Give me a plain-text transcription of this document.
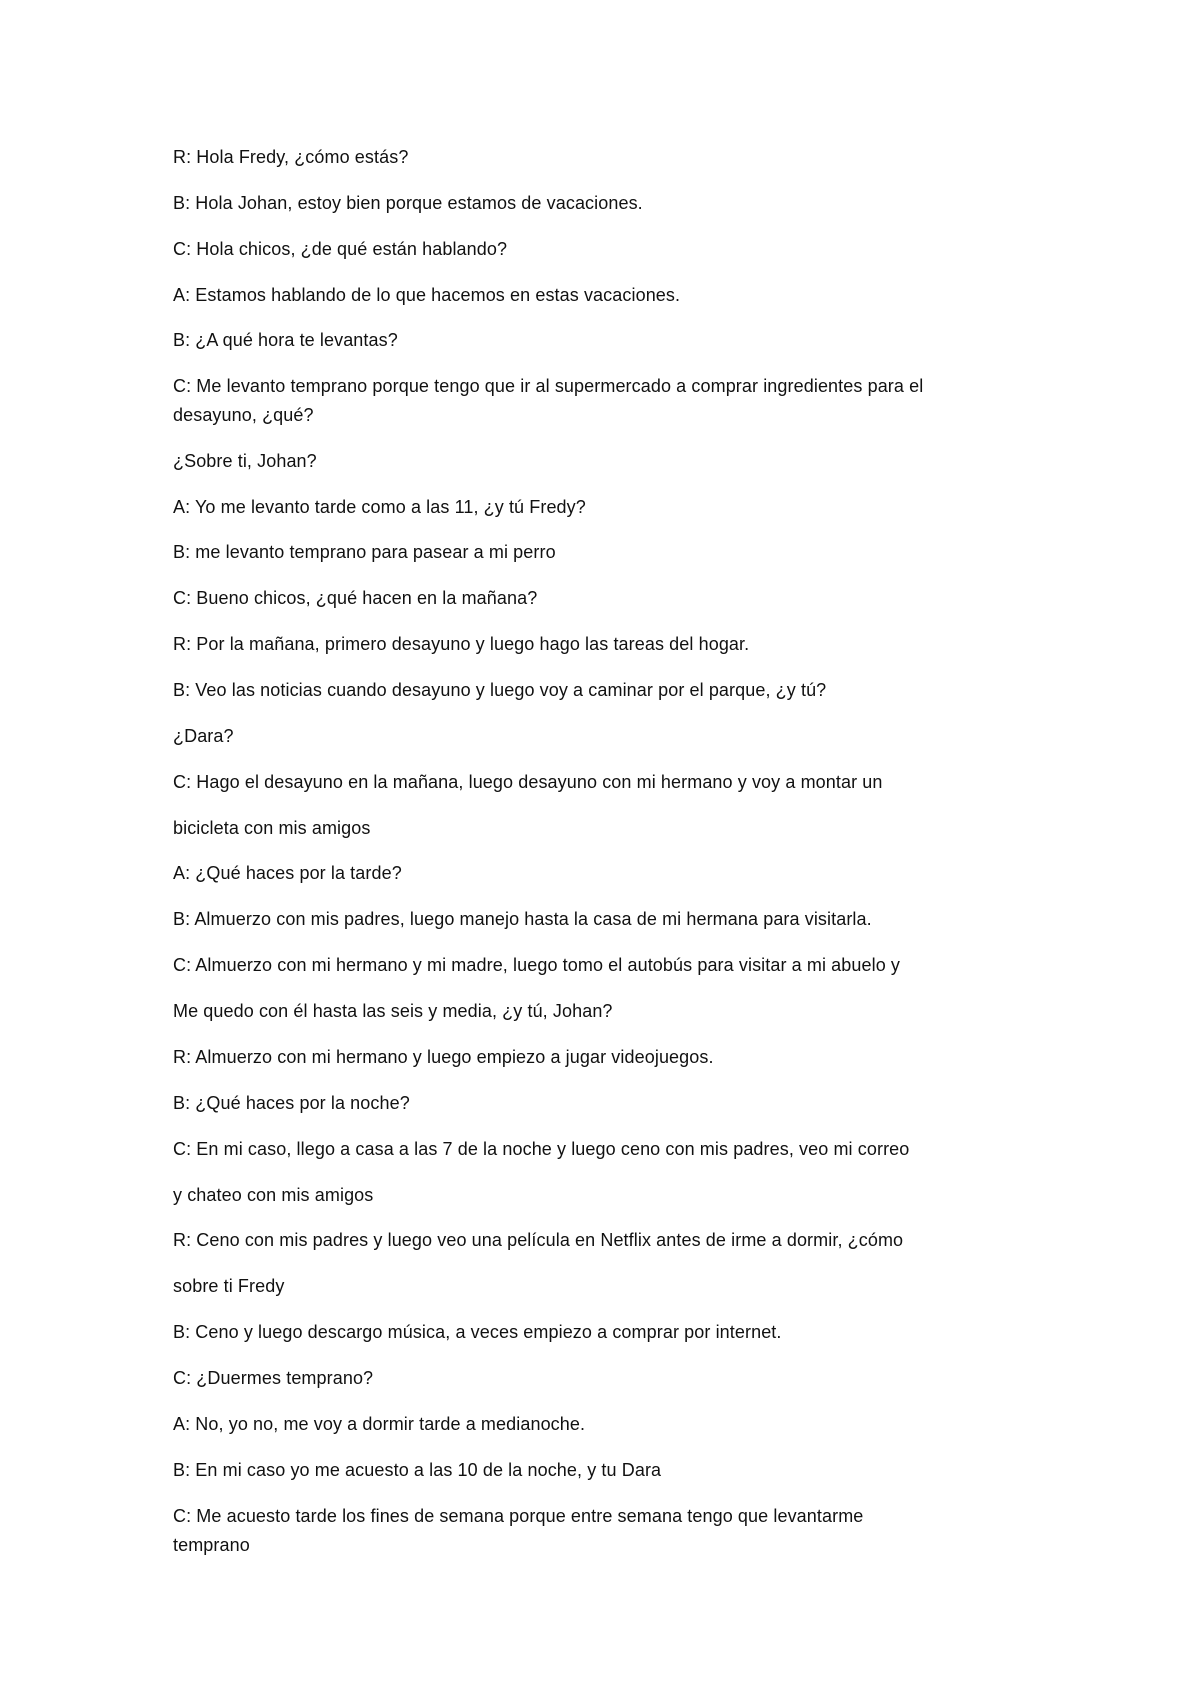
R: Hola Fredy, ¿cómo estás?
B: Hola Johan, estoy bien porque estamos de vacaciones.
C: Hola chicos, ¿de qué están hablando?
A: Estamos hablando de lo que hacemos en estas vacaciones.
B: ¿A qué hora te levantas?
C: Me levanto temprano porque tengo que ir al supermercado a comprar ingredientes para el
desayuno, ¿qué?
¿Sobre ti, Johan?
A: Yo me levanto tarde como a las 11, ¿y tú Fredy?
B: me levanto temprano para pasear a mi perro
C: Bueno chicos, ¿qué hacen en la mañana?
R: Por la mañana, primero desayuno y luego hago las tareas del hogar.
B: Veo las noticias cuando desayuno y luego voy a caminar por el parque, ¿y tú?
¿Dara?
C: Hago el desayuno en la mañana, luego desayuno con mi hermano y voy a montar un
bicicleta con mis amigos
A: ¿Qué haces por la tarde?
B: Almuerzo con mis padres, luego manejo hasta la casa de mi hermana para visitarla.
C: Almuerzo con mi hermano y mi madre, luego tomo el autobús para visitar a mi abuelo y
Me quedo con él hasta las seis y media, ¿y tú, Johan?
R: Almuerzo con mi hermano y luego empiezo a jugar videojuegos.
B: ¿Qué haces por la noche?
C: En mi caso, llego a casa a las 7 de la noche y luego ceno con mis padres, veo mi correo
y chateo con mis amigos
R: Ceno con mis padres y luego veo una película en Netflix antes de irme a dormir, ¿cómo
sobre ti Fredy
B: Ceno y luego descargo música, a veces empiezo a comprar por internet.
C: ¿Duermes temprano?
A: No, yo no, me voy a dormir tarde a medianoche.
B: En mi caso yo me acuesto a las 10 de la noche, y tu Dara
C: Me acuesto tarde los fines de semana porque entre semana tengo que levantarme
temprano
